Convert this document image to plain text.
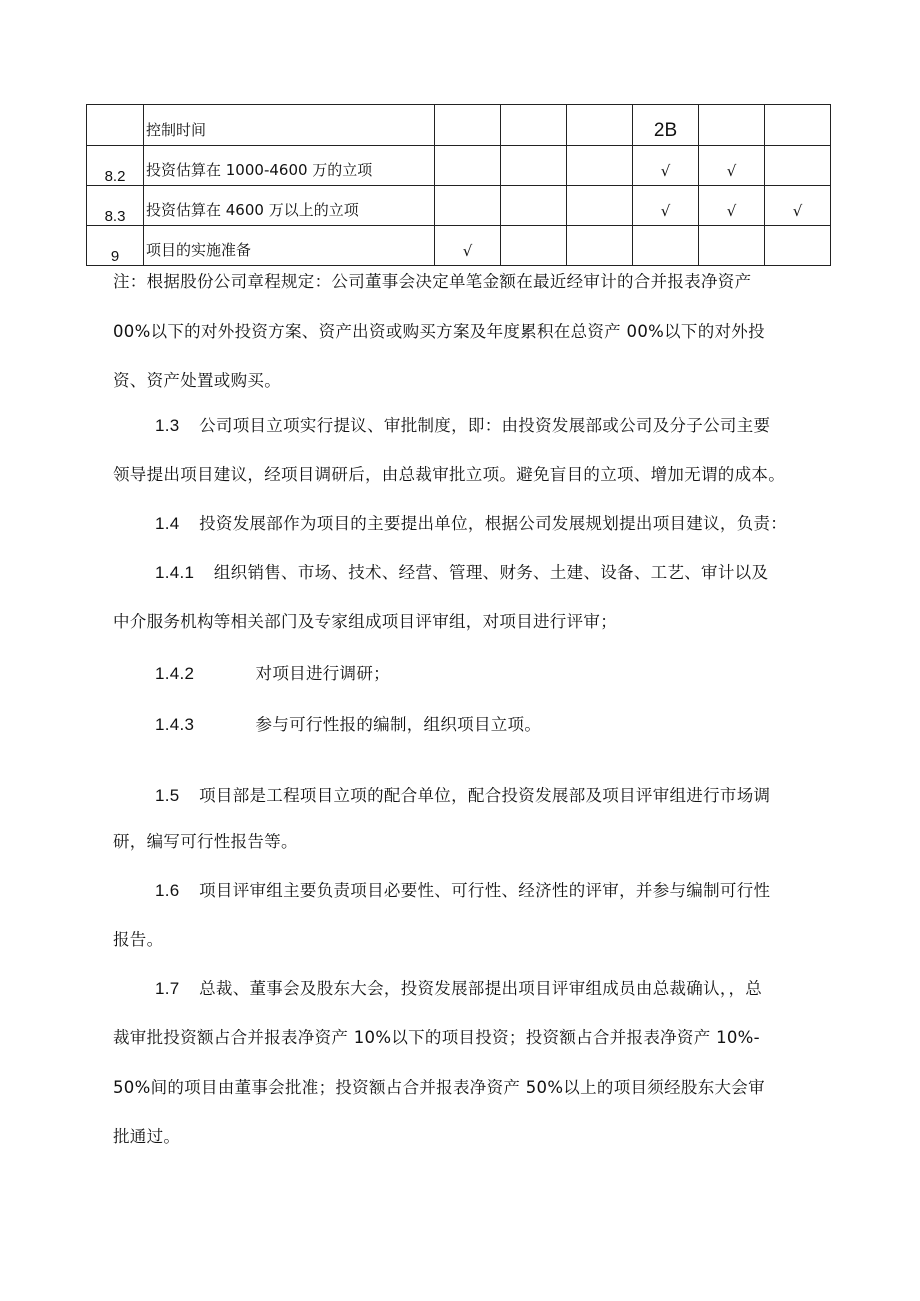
	控制时间				2B		
8.2	投资估算在 1000-4600 万的立项				√	√	
8.3	投资估算在 4600 万以上的立项				√	√	√
9	项目的实施准备	√					
注：根据股份公司章程规定：公司董事会决定单笔金额在最近经审计的合并报表净资产
00%以下的对外投资方案、资产出资或购买方案及年度累积在总资产 00%以下的对外投
资、资产处置或购买。
1.3 公司项目立项实行提议、审批制度，即：由投资发展部或公司及分子公司主要
领导提出项目建议，经项目调研后，由总裁审批立项。避免盲目的立项、增加无谓的成本。
1.4 投资发展部作为项目的主要提出单位，根据公司发展规划提出项目建议，负责：
1.4.1 组织销售、市场、技术、经营、管理、财务、土建、设备、工艺、审计以及
中介服务机构等相关部门及专家组成项目评审组，对项目进行评审；
1.4.2	对项目进行调研；
1.4.3	参与可行性报的编制，组织项目立项。
1.5 项目部是工程项目立项的配合单位，配合投资发展部及项目评审组进行市场调
研，编写可行性报告等。
1.6 项目评审组主要负责项目必要性、可行性、经济性的评审，并参与编制可行性
报告。
1.7 总裁、董事会及股东大会，投资发展部提出项目评审组成员由总裁确认，，总
裁审批投资额占合并报表净资产 10%以下的项目投资；投资额占合并报表净资产 10%-
50%间的项目由董事会批准；投资额占合并报表净资产 50%以上的项目须经股东大会审
批通过。
